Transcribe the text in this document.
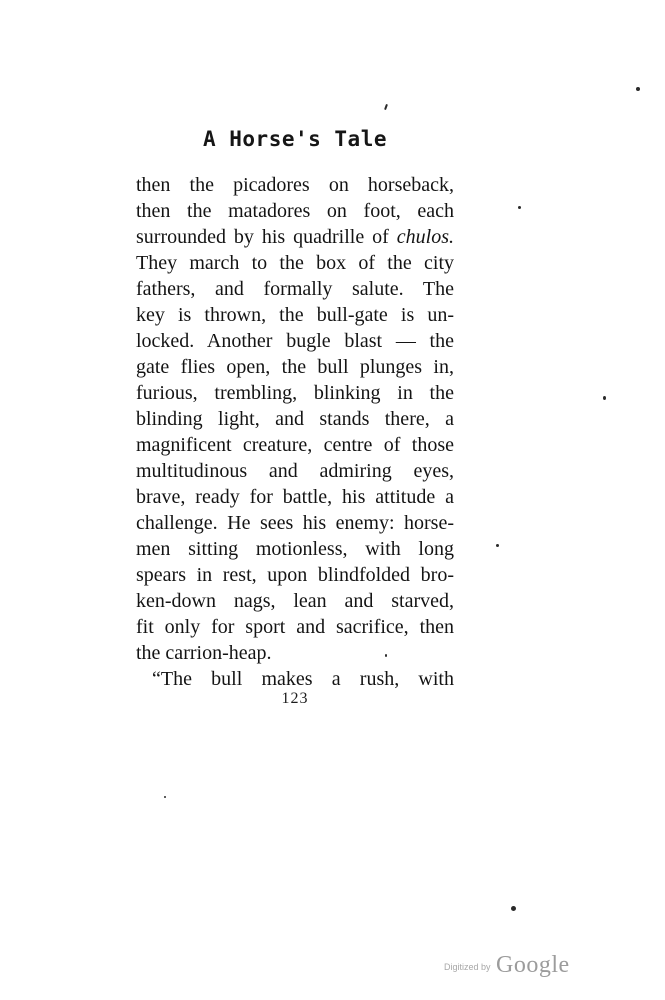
A Horse's Tale
then the picadores on horseback,
then the matadores on foot, each
surrounded by his quadrille of chulos.
They march to the box of the city
fathers, and formally salute. The
key is thrown, the bull-gate is un-
locked. Another bugle blast — the
gate flies open, the bull plunges in,
furious, trembling, blinking in the
blinding light, and stands there, a
magnificent creature, centre of those
multitudinous and admiring eyes,
brave, ready for battle, his attitude a
challenge. He sees his enemy: horse-
men sitting motionless, with long
spears in rest, upon blindfolded bro-
ken-down nags, lean and starved,
fit only for sport and sacrifice, then
the carrion-heap.
“The bull makes a rush, with
123
Digitized by Google
